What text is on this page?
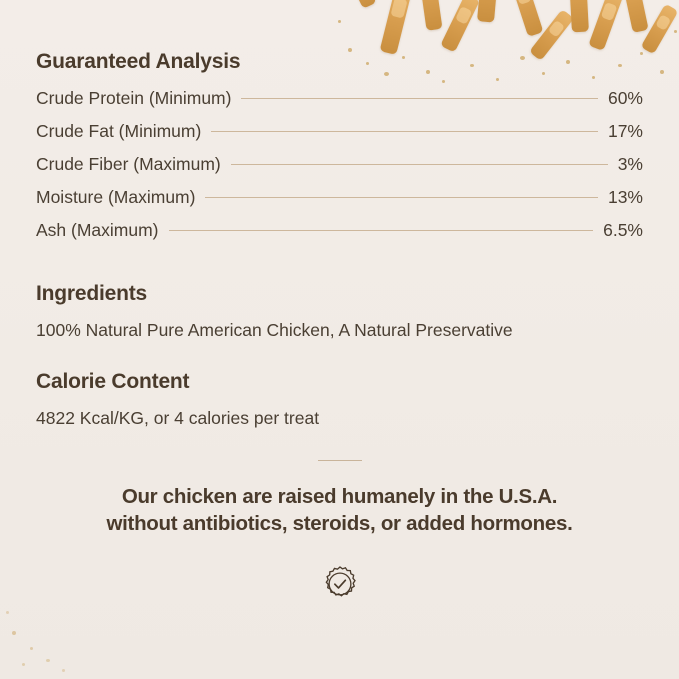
Guaranteed Analysis
Crude Protein (Minimum)	60%
Crude Fat (Minimum)	17%
Crude Fiber (Maximum)	3%
Moisture (Maximum)	13%
Ash (Maximum)	6.5%
Ingredients
100% Natural Pure American Chicken, A Natural Preservative
Calorie Content
4822 Kcal/KG, or 4 calories per treat
Our chicken are raised humanely in the U.S.A.
without antibiotics, steroids, or added hormones.
